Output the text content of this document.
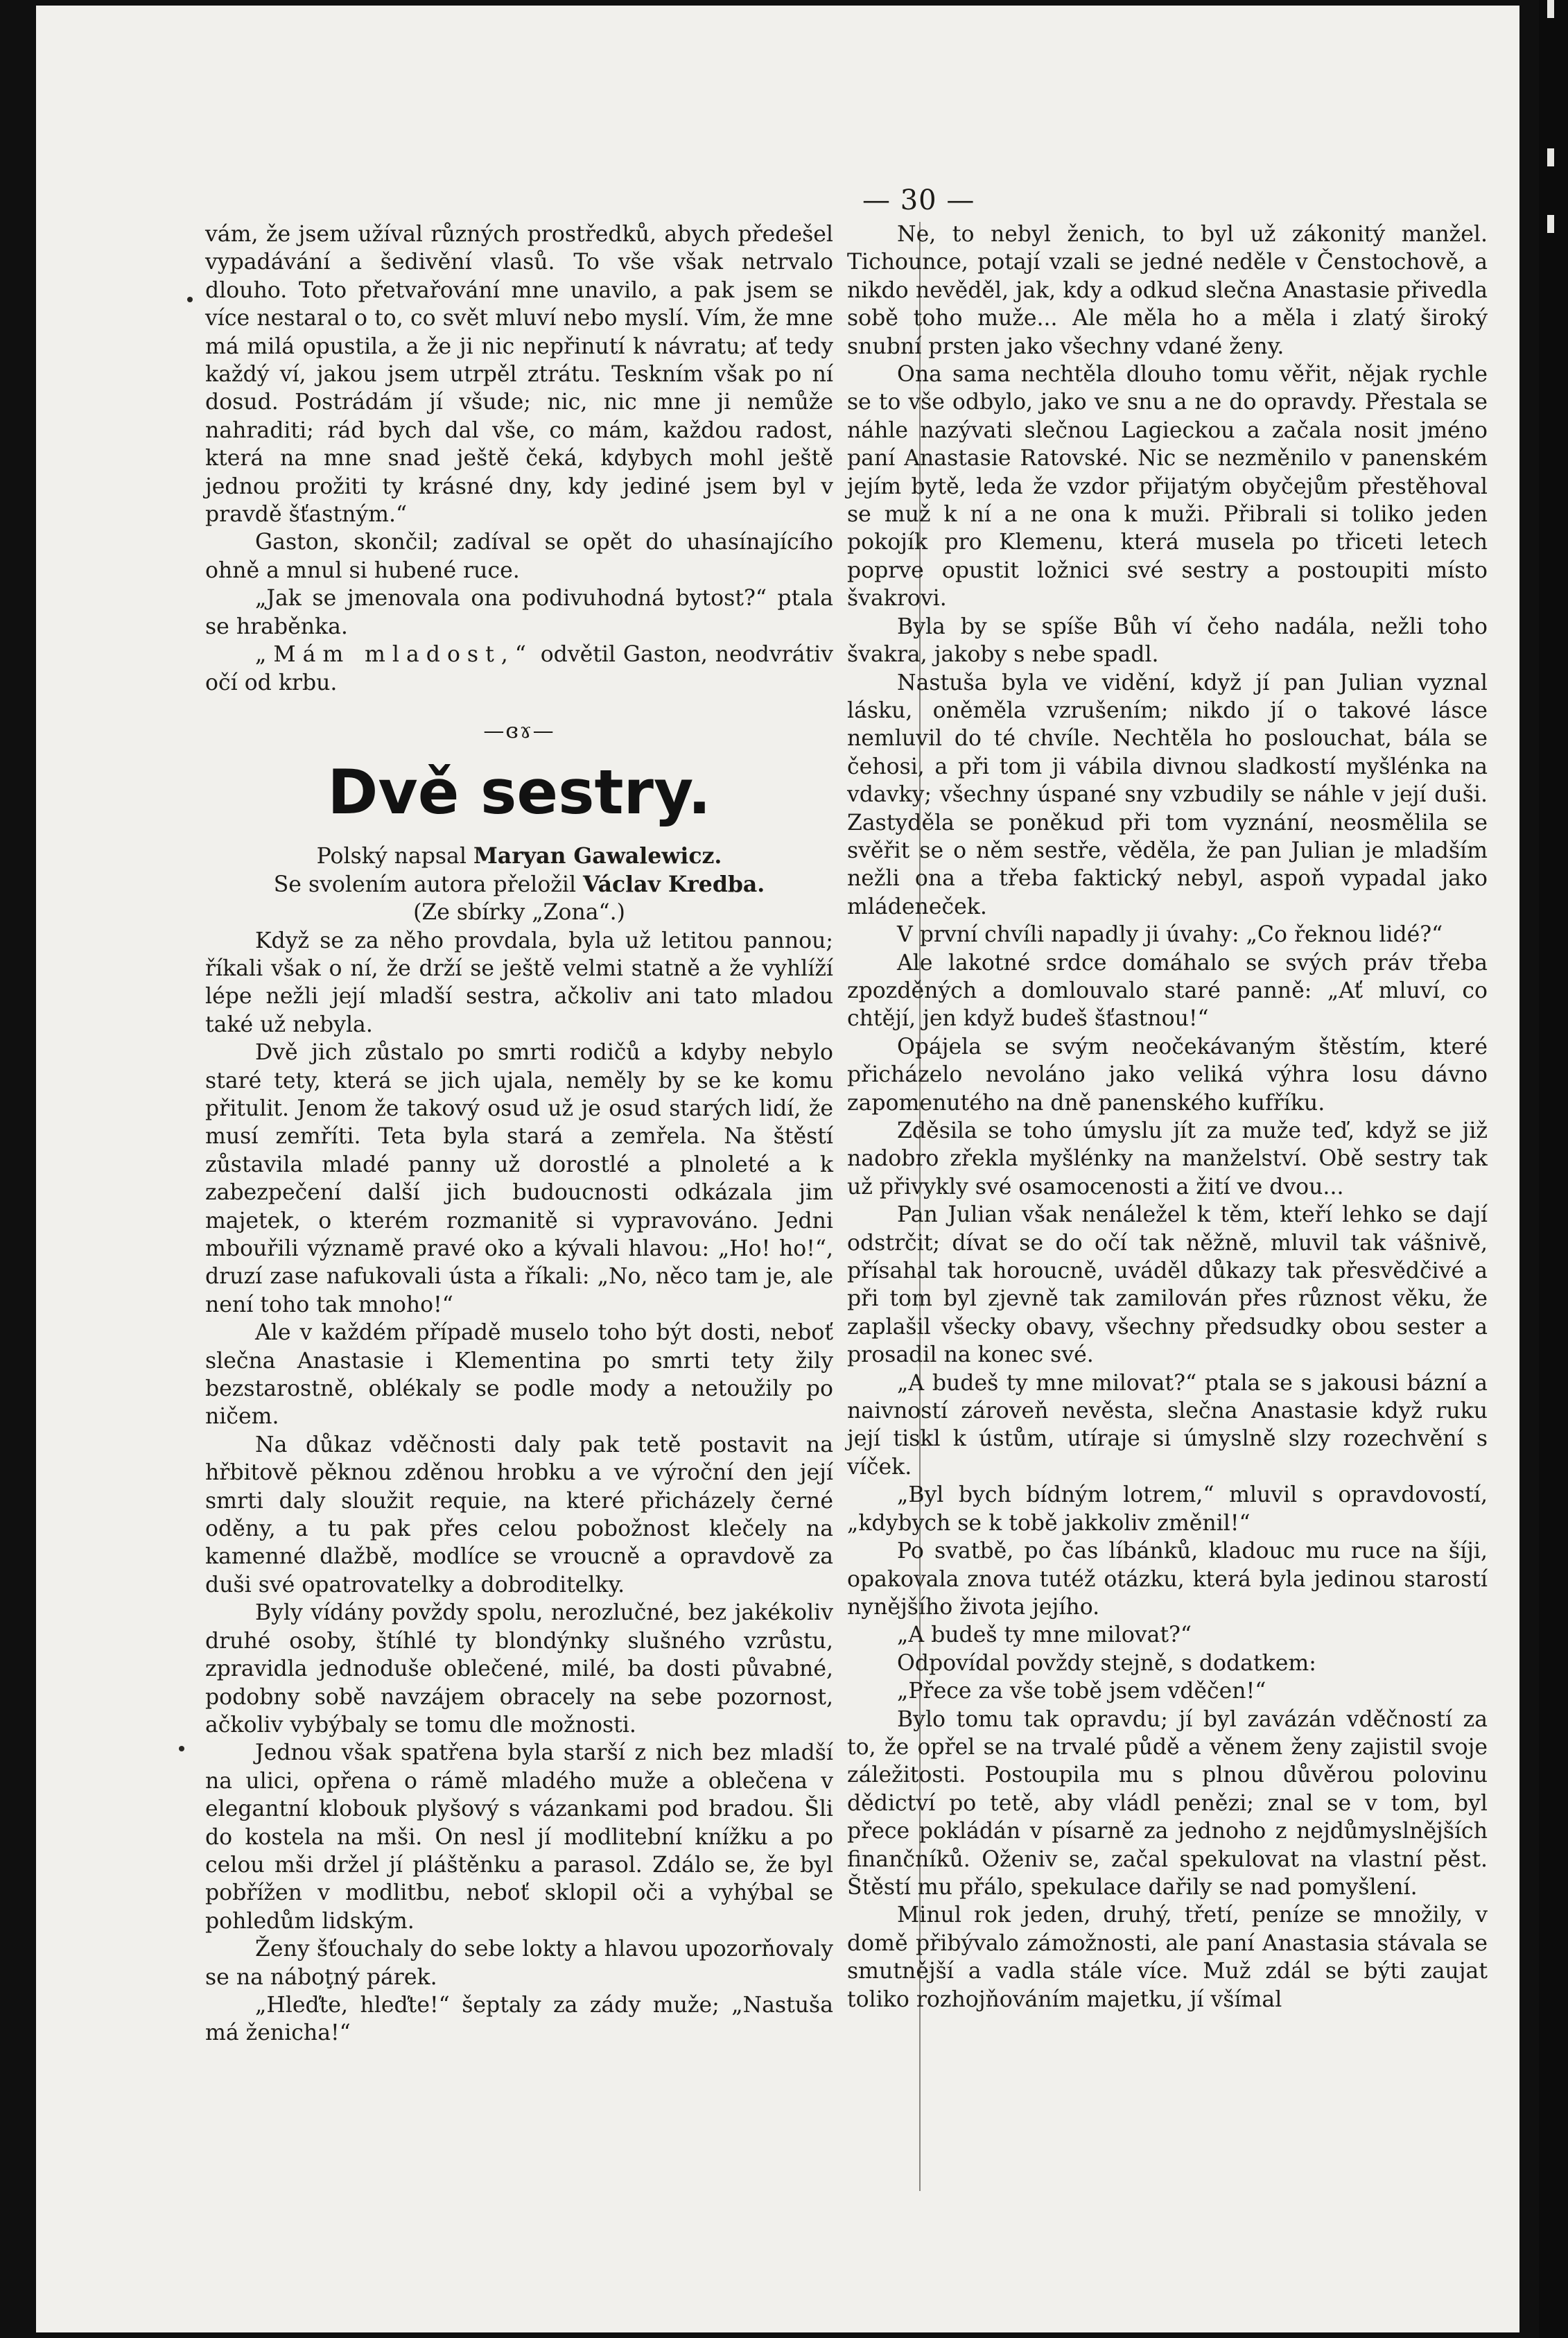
— 30 —

vám, že jsem užíval různých prostředků, abych předešel vypadávání a šedivění vlasů. To vše však netrvalo dlouho. Toto přetvařování mne unavilo, a pak jsem se více nestaral o to, co svět mluví nebo myslí. Vím, že mne má milá opustila, a že ji nic nepřinutí k návratu; ať tedy každý ví, jakou jsem utrpěl ztrátu. Teskním však po ní dosud. Postrádám jí všude; nic, nic mne ji nemůže nahraditi; rád bych dal vše, co mám, každou radost, která na mne snad ještě čeká, kdybych mohl ještě jednou prožiti ty krásné dny, kdy jediné jsem byl v pravdě šťastným.“

Gaston, skončil; zadíval se opět do uhasínajícího ohně a mnul si hubené ruce.

„Jak se jmenovala ona podivuhodná bytost?“ ptala se hraběnka.

„Mám mladost,“ odvětil Gaston, neodvrátiv očí od krbu.

—ɞɤ—
Dvě sestry.

Polský napsal Maryan Gawalewicz.

Se svolením autora přeložil Václav Kredba.

(Ze sbírky „Zona“.)

Když se za něho provdala, byla už letitou pannou; říkali však o ní, že drží se ještě velmi statně a že vyhlíží lépe nežli její mladší sestra, ačkoliv ani tato mladou také už nebyla.

Dvě jich zůstalo po smrti rodičů a kdyby nebylo staré tety, která se jich ujala, neměly by se ke komu přitulit. Jenom že takový osud už je osud starých lidí, že musí zemříti. Teta byla stará a zemřela. Na štěstí zůstavila mladé panny už dorostlé a plnoleté a k zabezpečení další jich budoucnosti odkázala jim majetek, o kterém rozmanitě si vypravováno. Jedni mbouřili významě pravé oko a kývali hlavou: „Ho! ho!“, druzí zase nafukovali ústa a říkali: „No, něco tam je, ale není toho tak mnoho!“

Ale v každém případě muselo toho být dosti, neboť slečna Anastasie i Klementina po smrti tety žily bezstarostně, oblékaly se podle mody a netoužily po ničem.

Na důkaz vděčnosti daly pak tetě postavit na hřbitově pěknou zděnou hrobku a ve výroční den její smrti daly sloužit requie, na které přicházely černé oděny, a tu pak přes celou pobožnost klečely na kamenné dlažbě, modlíce se vroucně a opravdově za duši své opatrovatelky a dobroditelky.

Byly vídány povždy spolu, nerozlučné, bez jakékoliv druhé osoby, štíhlé ty blondýnky slušného vzrůstu, zpravidla jednoduše oblečené, milé, ba dosti půvabné, podobny sobě navzájem obracely na sebe pozornost, ačkoliv vybýbaly se tomu dle možnosti.

Jednou však spatřena byla starší z nich bez mladší na ulici, opřena o rámě mladého muže a oblečena v elegantní klobouk plyšový s vázankami pod bradou. Šli do kostela na mši. On nesl jí modlitební knížku a po celou mši držel jí pláštěnku a parasol. Zdálo se, že byl pobřížen v modlitbu, neboť sklopil oči a vyhýbal se pohledům lidským.

Ženy šťouchaly do sebe lokty a hlavou upozorňovaly se na náboţný párek.

„Hleďte, hleďte!“ šeptaly za zády muže; „Nastuša má ženicha!“

Ne, to nebyl ženich, to byl už zákonitý manžel. Tichounce, potají vzali se jedné neděle v Čenstochově, a nikdo nevěděl, jak, kdy a odkud slečna Anastasie přivedla sobě toho muže... Ale měla ho a měla i zlatý široký snubní prsten jako všechny vdané ženy.

Ona sama nechtěla dlouho tomu věřit, nějak rychle se to vše odbylo, jako ve snu a ne do opravdy. Přestala se náhle nazývati slečnou Lagieckou a začala nosit jméno paní Anastasie Ratovské. Nic se nezměnilo v panenském jejím bytě, leda že vzdor přijatým obyčejům přestěhoval se muž k ní a ne ona k muži. Přibrali si toliko jeden pokojík pro Klemenu, která musela po třiceti letech poprve opustit ložnici své sestry a postoupiti místo švakrovi.

Byla by se spíše Bůh ví čeho nadála, nežli toho švakra, jakoby s nebe spadl.

Nastuša byla ve vidění, když jí pan Julian vyznal lásku, oněměla vzrušením; nikdo jí o takové lásce nemluvil do té chvíle. Nechtěla ho poslouchat, bála se čehosi, a při tom ji vábila divnou sladkostí myšlénka na vdavky; všechny úspané sny vzbudily se náhle v její duši. Zastyděla se poněkud při tom vyznání, neosmělila se svěřit se o něm sestře, věděla, že pan Julian je mladším nežli ona a třeba faktický nebyl, aspoň vypadal jako mládeneček.

V první chvíli napadly ji úvahy: „Co řeknou lidé?“

Ale lakotné srdce domáhalo se svých práv třeba zpozděných a domlouvalo staré panně: „Ať mluví, co chtějí, jen když budeš šťastnou!“

Opájela se svým neočekávaným štěstím, které přicházelo nevoláno jako veliká výhra losu dávno zapomenutého na dně panenského kufříku.

Zděsila se toho úmyslu jít za muže teď, když se již nadobro zřekla myšlénky na manželství. Obě sestry tak už přivykly své osamocenosti a žití ve dvou...

Pan Julian však nenáležel k těm, kteří lehko se dají odstrčit; dívat se do očí tak něžně, mluvil tak vášnivě, přísahal tak horoucně, uváděl důkazy tak přesvědčivé a při tom byl zjevně tak zamilován přes různost věku, že zaplašil všecky obavy, všechny předsudky obou sester a prosadil na konec své.

„A budeš ty mne milovat?“ ptala se s jakousi bázní a naivností zároveň nevěsta, slečna Anastasie když ruku její tiskl k ústům, utíraje si úmyslně slzy rozechvění s víček.

„Byl bych bídným lotrem,“ mluvil s opravdovostí, „kdybych se k tobě jakkoliv změnil!“

Po svatbě, po čas líbánků, kladouc mu ruce na šíji, opakovala znova tutéž otázku, která byla jedinou starostí nynějšího života jejího.

„A budeš ty mne milovat?“

Odpovídal povždy stejně, s dodatkem:

„Přece za vše tobě jsem vděčen!“

Bylo tomu tak opravdu; jí byl zavázán vděčností za to, že opřel se na trvalé půdě a věnem ženy zajistil svoje záležitosti. Postoupila mu s plnou důvěrou polovinu dědictví po tetě, aby vládl penězi; znal se v tom, byl přece pokládán v písarně za jednoho z nejdůmyslnějších finančníků. Oženiv se, začal spekulovat na vlastní pěst. Štěstí mu přálo, spekulace dařily se nad pomyšlení.

Minul rok jeden, druhý, třetí, peníze se množily, v domě přibývalo zámožnosti, ale paní Anastasia stávala se smutnější a vadla stále více. Muž zdál se býti zaujat toliko rozhojňováním majetku, jí všímal
